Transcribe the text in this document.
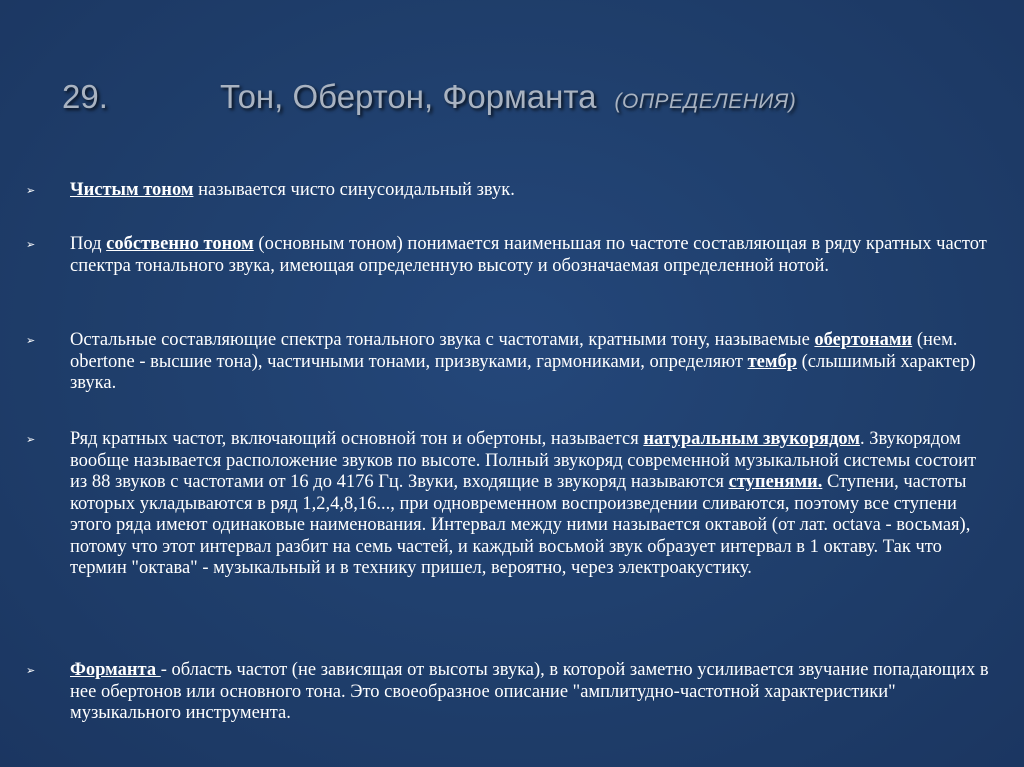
29.	Тон, Обертон, Форманта (ОПРЕДЕЛЕНИЯ)
➢ Чистым тоном называется чисто синусоидальный звук.
➢ Под собственно тоном (основным тоном) понимается наименьшая по частоте составляющая в ряду кратных частот спектра тонального звука, имеющая определенную высоту и обозначаемая определенной нотой.
➢ Остальные составляющие спектра тонального звука с частотами, кратными тону, называемые обертонами (нем. obertone - высшие тона), частичными тонами, призвуками, гармониками, определяют тембр (слышимый характер) звука.
➢ Ряд кратных частот, включающий основной тон и обертоны, называется натуральным звукорядом. Звукорядом вообще называется расположение звуков по высоте. Полный звукоряд современной музыкальной системы состоит из 88 звуков с частотами от 16 до 4176 Гц. Звуки, входящие в звукоряд называются ступенями. Ступени, частоты которых укладываются в ряд 1,2,4,8,16..., при одновременном воспроизведении сливаются, поэтому все ступени этого ряда имеют одинаковые наименования. Интервал между ними называется октавой (от лат. octava - восьмая), потому что этот интервал разбит на семь частей, и каждый восьмой звук образует интервал в 1 октаву. Так что термин "октава" - музыкальный и в технику пришел, вероятно, через электроакустику.
➢ Форманта - область частот (не зависящая от высоты звука), в которой заметно усиливается звучание попадающих в нее обертонов или основного тона. Это своеобразное описание "амплитудно-частотной характеристики" музыкального инструмента.
